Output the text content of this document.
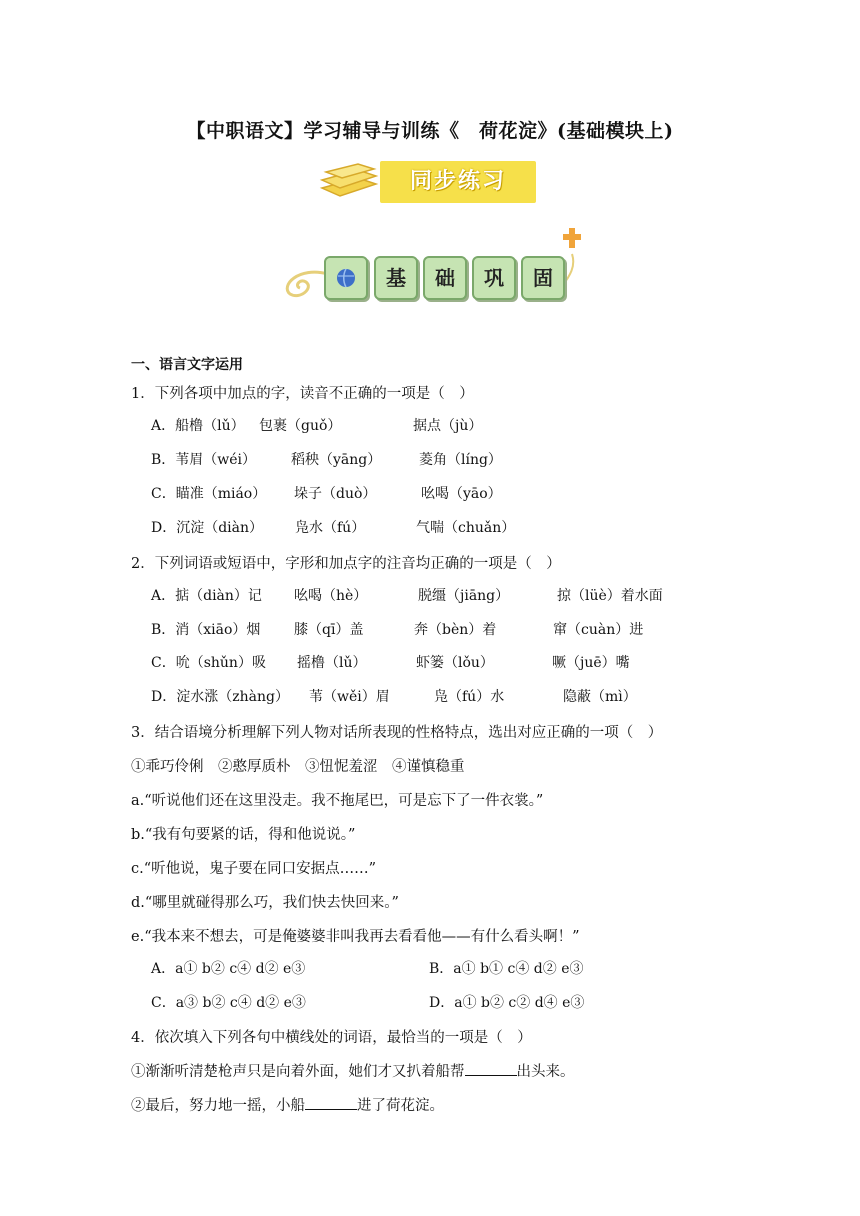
【中职语文】学习辅导与训练《　荷花淀》(基础模块上)
同步练习
基	础	巩	固
一、语言文字运用
1．下列各项中加点的字，读音不正确的一项是（　）
A．船橹（lǔ） 包裹（guǒ）	据点（jù）
B．苇眉（wéi） 稻秧（yāng）	菱角（líng）
C．瞄准（miáo） 垛子（duò）	吆喝（yāo）
D．沉淀（diàn） 凫水（fú）	气喘（chuǎn）
2．下列词语或短语中，字形和加点字的注音均正确的一项是（　）
A．掂（diàn）记 吆喝（hè）	脱缰（jiāng）	掠（lüè）着水面
B．消（xiāo）烟 膝（qī）盖	奔（bèn）着	窜（cuàn）进
C．吮（shǔn）吸 摇橹（lǔ）	虾篓（lǒu）	噘（juē）嘴
D．淀水涨（zhàng） 苇（wěi）眉	凫（fú）水	隐蔽（mì）
3．结合语境分析理解下列人物对话所表现的性格特点，选出对应正确的一项（　）
①乖巧伶俐　②憨厚质朴　③忸怩羞涩　④谨慎稳重
a.“听说他们还在这里没走。我不拖尾巴，可是忘下了一件衣裳。”
b.“我有句要紧的话，得和他说说。”
c.“听他说，鬼子要在同口安据点……”
d.“哪里就碰得那么巧，我们快去快回来。”
e.“我本来不想去，可是俺婆婆非叫我再去看看他——有什么看头啊！”
A．a① b② c④ d② e③	B．a① b① c④ d② e③
C．a③ b② c④ d② e③	D．a① b② c② d④ e③
4．依次填入下列各句中横线处的词语，最恰当的一项是（　）
①渐渐听清楚枪声只是向着外面，她们才又扒着船帮	出头来。
②最后，努力地一摇，小船	进了荷花淀。
